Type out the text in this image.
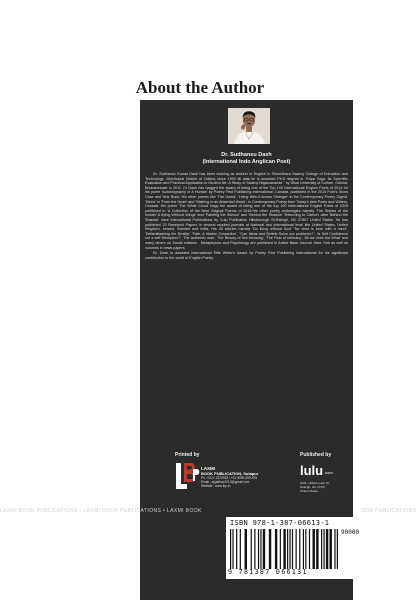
About the Author
Dr. Sudhansu Dash
(International Indo Anglican Poet)

Dr. Sudhansu Kumar Dash has been working as lecturer in English in Shreedhara Swamy College of Education and Technology ,Dhenkanal District of Odisha since 1992 till date.he is awarded Ph.D degree in "Kriya Yoga: Its Scientific Evaluation and Practical Application in Modern life. A Study of Swamy Nigamananda " by Utkal University of Culture, Odisha, Bhubaneswar in 2011. Dr Dash has bagged the award of being one of the Top 100 International English Poets of 2014 for his poem 'Autobiography of A Human' by Poetry First Publishing International ,Canada, published in the 2015 Poet's Show Case and Year Book. His other poems like 'The Guest', 'Living With A known Stranger' in the Contemporary Poetry Digest, 'Mirror' in 'From the Heart' and 'Walking in an Absented World', in Contemporary Poetry from Today's best Poets and Writers, Canada. His poem 'The White Cloud' bags the award of being one of the top 100 International English Poets of 2015 published in 'A Collection of the Best Original Poems of 2015.His other poetry anthologies namely 'The Stories of the Insider',A flying Without Wings 'and 'Painting the Silence' and 'Behind the Shadow' 'Returning to Carbon' after 'Behind the Shadow' have International Publications by 'Lulu Publication Hillsborough St,Raleigh, NC 27607 United States. He has published 23 Research Papers in several reputed journals at National and International level like United States, United Kingdom, Ireland, Sweden and India. His 45 articles namely 'Do living without God' "No child is born with a mind", 'Defamiliarising the Reality', 'Fate: A Hidden Cowardice', "Can Ideas and Beliefs Solve our problems?", 'Is Self Confidence not a self Deception?' ,The authentic man', The Beauty of Not-Knowing', 'The Fear of Intimacy', 'All we seek but What' and many others on Social criticism , Metaphysics and Psychology are published in Article Base Journal ,New York as well as columns in news papers.

Dr. Dash is awarded International Elite Writer's Award by Poetry First Publishing International for his significant contribution to the world of English Poetry.

Printed by	Published by
LAXMI
BOOK PUBLICATION, Solapur
Ph.: 0217-2370393 / +91-9595-359-435
Email : ayjadhav2013@gmail.com
Website : www.lbp.in
lulu .com
3101, Hillsborough St,
Raleigh, NC 27607,
United States.
LAXMI BOOK PUBLICATIONS • LAXMI BOOK PUBLICATIONS • LAXMI BOOK	OOK PUBLICATIONS
ISBN 978-1-387-06613-1
90000
9 781387 066131
